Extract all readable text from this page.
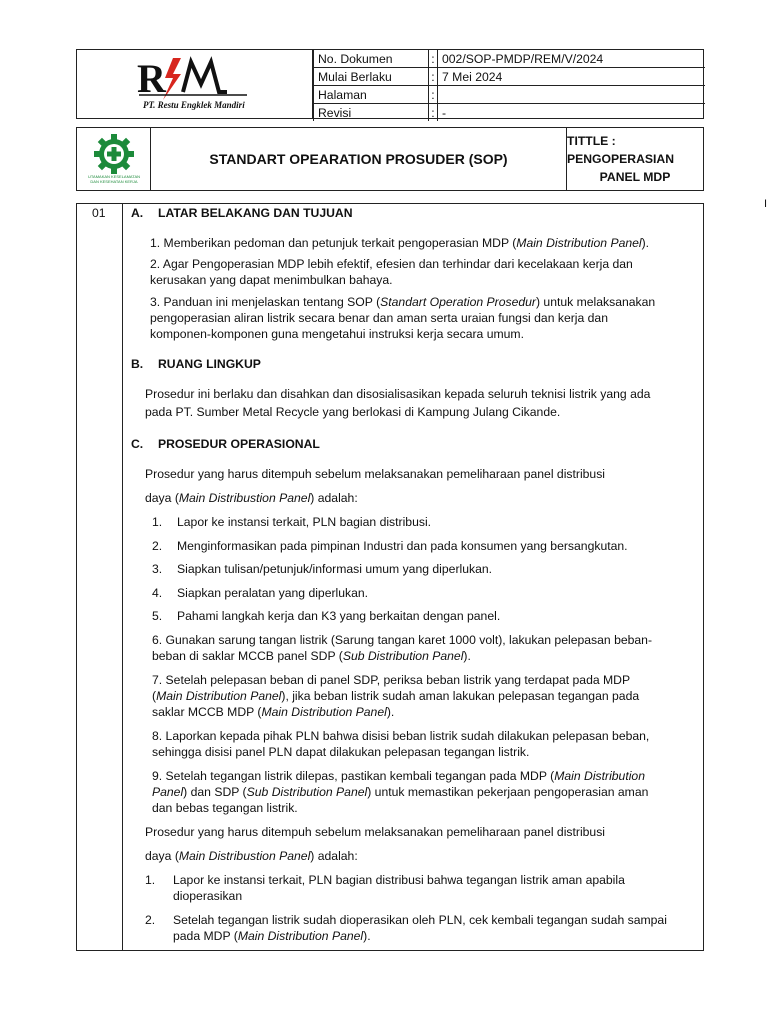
R
PT. Restu Engklek Mandiri
No. Dokumen	:	002/SOP-PMDP/REM/V/2024
Mulai Berlaku	:	7 Mei 2024
Halaman	:	
Revisi	:	-
UTAMAKAN KESELAMATAN
DAN KESEHATAN KERJA
STANDART OPEARATION PROSUDER (SOP)
TITTLE : PENGOPERASIAN
PANEL MDP
I
01 A. LATAR BELAKANG DAN TUJUAN
1. Memberikan pedoman dan petunjuk terkait pengoperasian MDP (Main Distribution Panel).
2. Agar Pengoperasian MDP lebih efektif, efesien dan terhindar dari kecelakaan kerja dan
kerusakan yang dapat menimbulkan bahaya.
3. Panduan ini menjelaskan tentang SOP (Standart Operation Prosedur) untuk melaksanakan
pengoperasian aliran listrik secara benar dan aman serta uraian fungsi dan kerja dan
komponen-komponen guna mengetahui instruksi kerja secara umum.
B. RUANG LINGKUP
Prosedur ini berlaku dan disahkan dan disosialisasikan kepada seluruh teknisi listrik yang ada
pada PT. Sumber Metal Recycle yang berlokasi di Kampung Julang Cikande.
C. PROSEDUR OPERASIONAL
Prosedur yang harus ditempuh sebelum melaksanakan pemeliharaan panel distribusi
daya (Main Distribustion Panel) adalah:
1. Lapor ke instansi terkait, PLN bagian distribusi.
2. Menginformasikan pada pimpinan Industri dan pada konsumen yang bersangkutan.
3. Siapkan tulisan/petunjuk/informasi umum yang diperlukan.
4. Siapkan peralatan yang diperlukan.
5. Pahami langkah kerja dan K3 yang berkaitan dengan panel.
6. Gunakan sarung tangan listrik (Sarung tangan karet 1000 volt), lakukan pelepasan beban-
beban di saklar MCCB panel SDP (Sub Distribution Panel).
7. Setelah pelepasan beban di panel SDP, periksa beban listrik yang terdapat pada MDP
(Main Distribution Panel), jika beban listrik sudah aman lakukan pelepasan tegangan pada
saklar MCCB MDP (Main Distribution Panel).
8. Laporkan kepada pihak PLN bahwa disisi beban listrik sudah dilakukan pelepasan beban,
sehingga disisi panel PLN dapat dilakukan pelepasan tegangan listrik.
9. Setelah tegangan listrik dilepas, pastikan kembali tegangan pada MDP (Main Distribution
Panel) dan SDP (Sub Distribution Panel) untuk memastikan pekerjaan pengoperasian aman
dan bebas tegangan listrik.
Prosedur yang harus ditempuh sebelum melaksanakan pemeliharaan panel distribusi
daya (Main Distribustion Panel) adalah:
1. Lapor ke instansi terkait, PLN bagian distribusi bahwa tegangan listrik aman apabila
dioperasikan
2. Setelah tegangan listrik sudah dioperasikan oleh PLN, cek kembali tegangan sudah sampai
pada MDP (Main Distribution Panel).
